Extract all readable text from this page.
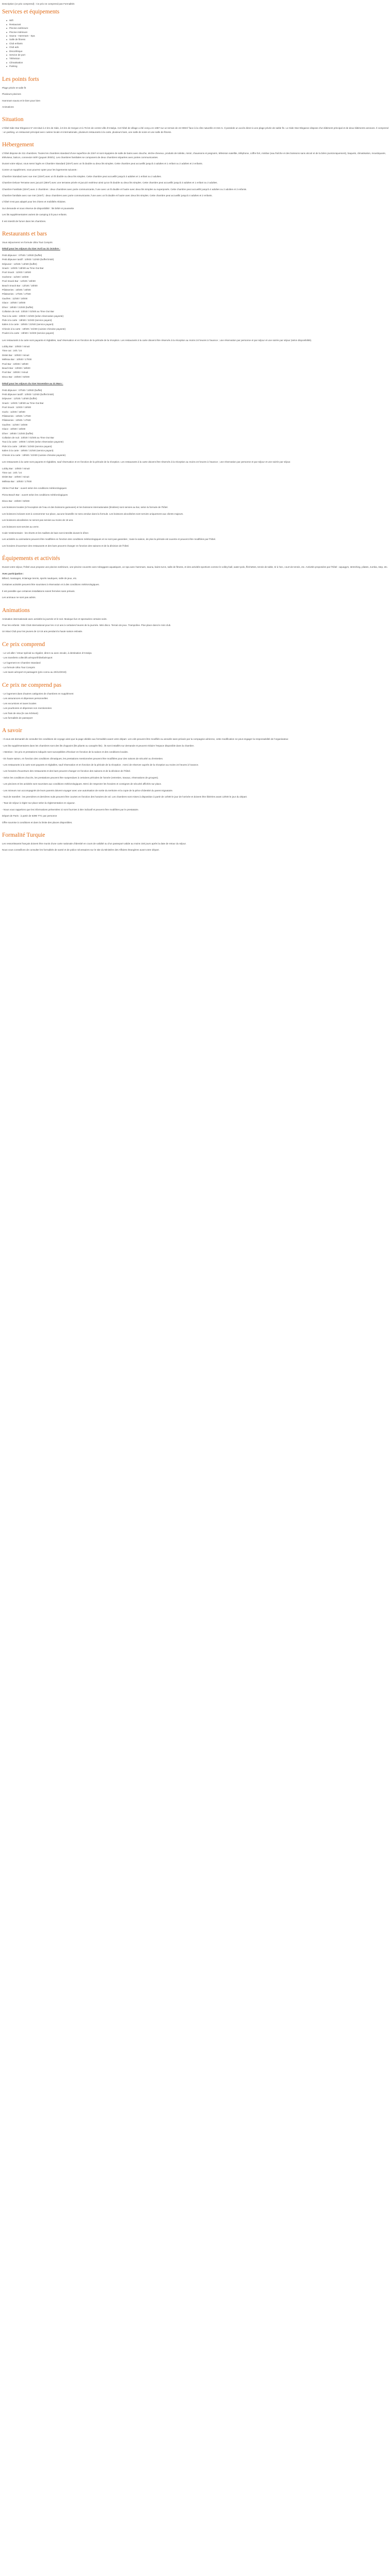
Description (ce prix comprend) : Ce prix ne comprend pas Formalités

Services et équipements
Wifi
Restaurant
Piscine extérieure
Piscine intérieure
Sauna - Hammam - Spa
Salle de fitness
Club enfants
Club ado
Discothèque
Service de port
Télévision
Climatisation
Parking
Les points forts

Plage privée et salle fit

Plusieurs piscines

Hammam sauna et le bien pour bien

Animations

Situation

L'hôtel Side Star Elegance 5* est situé à 4 km de Side, à 5 km de Sorgun et à 75 km de centre-ville d'Antalya. Cet hôtel de village a été conçu en 1987 sur un terrain de 42 000m² face à la côte naturelle et 315 m. Il possède un accès direct à une plage privée de sable fin. Le Side Star Elegance dispose d'un bâtiment principal et de deux bâtiments annexes. Il comprend : un parking, un restaurant principal avec cuisine locale et internationale, plusieurs restaurants à la carte, plusieurs bars, une salle de soins et une salle de fitness.

Hébergement

L'hôtel dispose de 311 chambres. Toutes les chambres standard d'une superficie de 23m² et sont équipées de salle de bains avec douche, sèche-cheveux, produits de toilette, miroir, chaussons et peignoirs, télévision satellite, téléphone, coffre-fort, minibar (eau fraîche et des boissons sans alcool et de la bière jours/uniquement), baquets, climatisation, moustiquaire, téléviseur, balcon, connexion WIFI (payant 3h/8/1). Les chambres familiales se composent de deux chambres séparées avec portes communicantes.

Durant votre séjour, vous serez logés en Chambre Standard (23m²) avec un lit double ou deux lits simples. Cette chambre peut accueillir jusqu'à 3 adultes et 1 enfant ou 2 adultes et 2 enfants.

Contre un supplément, vous pourrez opter pour les logements suivants :

Chambre Standard avec vue mer (23m²) avec un lit double ou deux lits simples. Cette chambre peut accueillir jusqu'à 3 adultes et 1 enfant ou 2 adultes.

Chambre Deluxe Terrasse avec jacuzzi (38m²) avec une terrasse privée et jacuzzi extérieur ainsi qu'un lit double ou deux lits simples. Cette chambre peut accueillir jusqu'à 3 adultes et 1 enfant ou 2 adultes.

Chambre Familiale (32m²) avec 2 chambres : deux chambres avec porte communicante, l'une avec un lit double et l'autre avec deux lits simples ou superposés. Cette chambre peut accueillir jusqu'à 4 adultes ou 2 adultes et 2 enfants.

Chambre familiale avec vue mer (34m²) : deux chambres avec porte communicante, l'une avec un lit double et l'autre avec deux lits simples. Cette chambre peut accueillir jusqu'à 4 adultes et 2 enfants.

L'hôtel n'est pas adapté pour les chiens et mobilités réduites.

Sur demande et sous réserve de disponibilité : lits bébé et poussette

Les lits supplémentaires varient de camping à lit pour enfants.

Il est interdit de fumer dans les chambres.

Restaurants et bars

Vous séjournerez en formule Ultra Tout Compris

Détail pour les séjours du 01er Avril au 31 Octobre :

Petit déjeuner : 07h00 / 10h00 (buffet)

Petit déjeuner tardif : 10h00 / 11h00 (buffet limité)

Déjeuner : 12h30 / 14h00 (buffet)

Snack : 14h00 / 16h00 au Time Out Bar

Pool Snack : 11h00 / 16h00

Gozleme : 11h00 / 16h00

Pool Snack Bar : 12h30 / 15h00

Beach Snack Bar : 12h30 / 15h00

Pâtisseries : 15h00 / 16h00

Pâtisseries : 17h00 / 17h00

Gaufres : 11h00 / 16h00

Glace : 10h00 / 18h00

Dîner : 19h00 / 21h00 (buffet)

Collation de nuit : 23h30 / 01h00 au Time Out Bar

Tout à la carte : 19h00 / 21h00 (selon réservation payante)

Pide à la carte : 19h00 / 21h00 (service payant)

Italien à la carte : 19h00 / 21h00 (service payant)

Chinois à la carte : 19h00 / 21h00 (cuisine chinoise payante)

Poulet à la carte : 19h00 / 21h00 (service payant)

Les restaurants à la carte sont payants et réglables, sauf réservation et en fonction de la période de la réception. Les restaurants à la carte doivent être réservés à la réception au moins 24 heures à l'avance ; une réservation par personne et par séjour et une soirée par séjour (selon disponibilité).

Lobby Bar : 10h00 / minuit

Time out : 24h / 24

Dislet Bar : 10h00 / minuit

Mélissa Bar : 10h00 / 17h00

Pool Bar : 10h00 / 18h00

Beach Bar : 10h00 / 18h00

Pool Bar : 18h00 / minuit

Disco Bar : 23h00 / 02h00

Détail pour les séjours du 01er Novembre au 31 Mars :

Petit déjeuner : 07h00 / 10h00 (buffet)

Petit déjeuner tardif : 10h00 / 11h00 (buffet limité)

Déjeuner : 12h30 / 14h00 (buffet)

Snack : 14h00 / 16h00 au Time Out Bar

Pool Snack : 11h00 / 16h00

Gozlo : 11h00 / 16h00

Pâtisseries : 10h00 / 17h00

Pâtisseries : 10h00 / 17h00

Gaufres : 11h00 / 16h00

Glace : 10h00 / 18h00

Dîner : 19h00 / 21h00 (buffet)

Collation de nuit : 23h30 / 01h00 au Time Out Bar

Tout à la carte : 19h00 / 21h00 (selon réservation payante)

Pide à la carte : 19h00 / 21h00 (service payant)

Italien à la carte : 19h00 / 21h00 (service payant)

Chinois à la carte : 19h00 / 21h00 (cuisine chinoise payante)

Les restaurants à la carte sont payants et réglables, sauf réservation et en fonction de la période de la réception. Les restaurants à la carte doivent être réservés à la réception au moins 24 heures à l'avance ; une réservation par personne et par séjour et une soirée par séjour.

Lobby Bar : 10h00 / minuit

Time out : 24h / 24

Dislet Bar : 10h00 / minuit

Mélissa Bar : 10h00 / 17h00

Vitrine Fruit Bar : ouvert selon les conditions météorologiques

Pizza Beach Bar : ouvert selon les conditions météorologiques

Disco Bar : 23h00 / 02h00

Les boissons locales (à l'exception de l'eau et des boissons gazeuses) et les boissons internationales (limitées) sont servies au bar, selon la formule de l'hôtel.

Les boissons incluses sont à consommer sur place, aucune bouteille ne sera vendue dans la formule. Les boissons alcoolisées sont servies uniquement aux clients majeurs.

Les boissons alcoolisées ne seront pas servies au moins de 18 ans.

Les boissons sont servies au verre.

Code Vestimentaire : les shorts et les maillots de bain sont interdits durant le dîner.

Les activités ou animations peuvent être modifiées en fonction des conditions météorologiques et ne sont pas garanties ; toute la saison, de plus la période est ouverte et peuvent être modifiées par l'hôtel.

Les horaires d'ouverture des restaurants et des bars peuvent changer en fonction des saisons et de la décision de l'hôtel.

Équipements et activités

Durant votre séjour, l'hôtel vous propose une piscine extérieure, une piscine couverte avec toboggans aquatiques, un spa avec hammam, sauna, bains turcs, salle de fitness, et des activités sportives comme le volley-ball, water-polo, fléchettes, tennis de table, tir à l'arc, court de tennis, etc. Activités proposées par l'hôtel : aquagym, stretching, pilates, zumba, step, etc.

Avec participation :

Billard, massages, éclairage tennis, sports nautiques, salle de jeux, etc.

Certaines activités peuvent être soumises à réservation et à des conditions météorologiques.

Il est possible que certaines installations soient fermées sans préavis.

Les animaux ne sont pas admis.

Animations

Animation internationale avec activités la journée et le soir. Musique live et spectacles certains soirs.

Pour les enfants : Mini Club international pour les 4-12 ans à certaines heures de la journée. Mini disco. Terrain de jeux. Trampoline. Plus place dans le mini club.

Un Maxi Club pour les jeunes de 12-16 ans pendant la haute saison estivale.

Ce prix comprend

- Le vol aller / retour spécial ou régulier, direct ou avec escale, à destination d'Antalya

- Les transferts collectifs aéroport/hôtel/aéroport

- Le logement en Chambre Standard

- La formule Ultra Tout Compris

- Les taxes aéroport et passagers (prix connu au 20/12/2019)

Ce prix ne comprend pas

- Le logement dans d'autres catégories de chambres en supplément

- Les assurances et dépenses personnelles

- Les excursions et taxes locales

- Les pourboires et dépenses non mentionnées

- Les frais de visa (le cas échéant)

- Les formalités de passeport

A savoir

- Il vous est demandé de consulter les conditions de voyage ainsi que la page dédiée aux formalités avant votre départ. Les vols peuvent être modifiés ou annulés sans préavis par la compagnie aérienne, cette modification ne peut engager la responsabilité de l'organisateur.

- Les lits supplémentaires dans les chambres sont des lits d'appoint (lits pliants ou canapés-lits) ; ils sont installés sur demande et peuvent réduire l'espace disponible dans la chambre.

- Attention : les prix et prestations indiqués sont susceptibles d'évoluer en fonction de la saison et des conditions locales.

- En haute saison, en fonction des conditions climatiques, les prestations mentionnées peuvent être modifiées pour des raisons de sécurité ou d'entretien.

- Les restaurants à la carte sont payants et réglables, sauf réservation et en fonction de la période de la réception ; merci de réserver auprès de la réception au moins 24 heures à l'avance.

- Les horaires d'ouverture des restaurants et des bars peuvent changer en fonction des saisons et de la décision de l'hôtel.

- Selon les conditions d'accès, les prestations peuvent être suspendues à certaines périodes de l'année (entretien, travaux, réservations de groupes).

- Les piscines et les activités sont soumises aux conditions météorologiques. Merci de respecter les horaires et consignes de sécurité affichés sur place.

- Les mineurs non accompagnés de leurs parents doivent voyager avec une autorisation de sortie du territoire et la copie de la pièce d'identité du parent signataire.

- Nuit de transfert : les premières et dernières nuits peuvent être courtes en fonction des horaires de vol. Les chambres sont mises à disposition à partir de 14h00 le jour de l'arrivée et doivent être libérées avant 12h00 le jour du départ.

- Taxe de séjour à régler sur place selon la réglementation en vigueur.

- Nous vous rappelons que les informations présentées ici sont fournies à titre indicatif et peuvent être modifiées par le prestataire.

Départ de Paris : à partir de 539€ TTC par personne

Offre soumise à conditions et dans la limite des places disponibles.

Formalité Turquie

Les ressortissants français doivent être munis d'une carte nationale d'identité en cours de validité ou d'un passeport valide au moins 150 jours après la date de retour du séjour.

Nous vous conseillons de consulter les formalités de santé et de police nécessaires sur le site du Ministère des Affaires étrangères avant votre départ.
